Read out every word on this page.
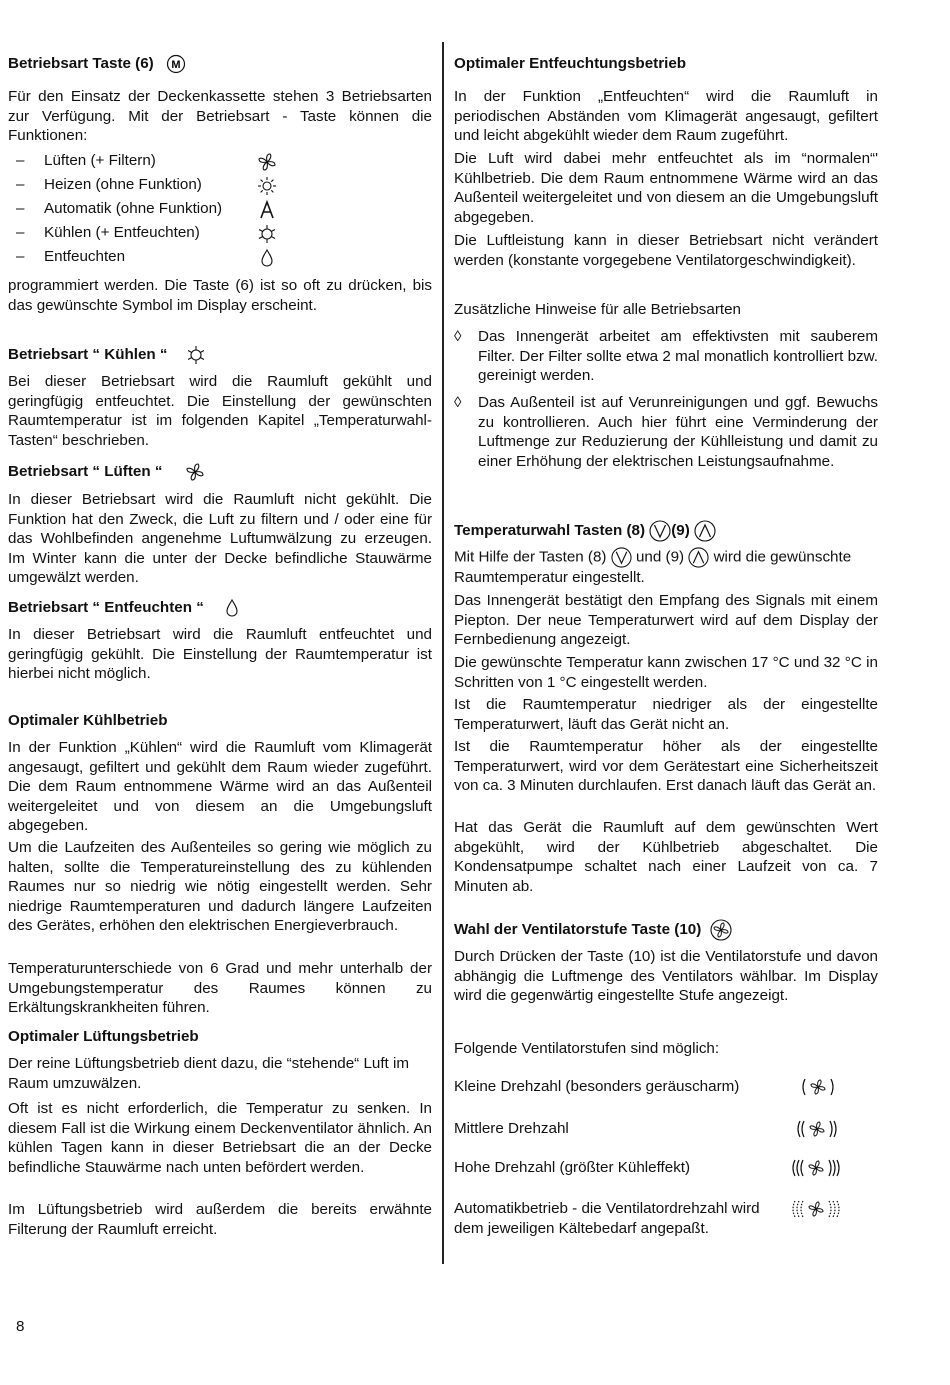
Betriebsart Taste (6) M

Für den Einsatz der Deckenkassette stehen 3 Betriebsarten zur Verfügung. Mit der Betriebsart - Taste können die Funktionen:

– Lüften (+ Filtern)
– Heizen (ohne Funktion)
– Automatik (ohne Funktion)
– Kühlen (+ Entfeuchten)
– Entfeuchten

programmiert werden. Die Taste (6) ist so oft zu drücken, bis das gewünschte Symbol im Display erscheint.

Betriebsart “ Kühlen “

Bei dieser Betriebsart wird die Raumluft gekühlt und geringfügig entfeuchtet. Die Einstellung der gewünschten Raumtemperatur ist im folgenden Kapitel „Temperaturwahl-Tasten“ beschrieben.

Betriebsart “ Lüften “

In dieser Betriebsart wird die Raumluft nicht gekühlt. Die Funktion hat den Zweck, die Luft zu filtern und / oder eine für das Wohlbefinden angenehme Luftumwälzung zu erzeugen. Im Winter kann die unter der Decke befindliche Stauwärme umgewälzt werden.

Betriebsart “ Entfeuchten “

In dieser Betriebsart wird die Raumluft entfeuchtet und geringfügig gekühlt. Die Einstellung der Raumtemperatur ist hierbei nicht möglich.

Optimaler Kühlbetrieb

In der Funktion „Kühlen“ wird die Raumluft vom Klimagerät angesaugt, gefiltert und gekühlt dem Raum wieder zugeführt. Die dem Raum entnommene Wärme wird an das Außenteil weitergeleitet und von diesem an die Umgebungsluft abgegeben.

Um die Laufzeiten des Außenteiles so gering wie möglich zu halten, sollte die Temperatureinstellung des zu kühlenden Raumes nur so niedrig wie nötig eingestellt werden. Sehr niedrige Raumtemperaturen und dadurch längere Laufzeiten des Gerätes, erhöhen den elektrischen Energieverbrauch.

Temperaturunterschiede von 6 Grad und mehr unterhalb der Umgebungstemperatur des Raumes können zu Erkältungskrankheiten führen.

Optimaler Lüftungsbetrieb

Der reine Lüftungsbetrieb dient dazu, die “stehende“ Luft im Raum umzuwälzen.

Oft ist es nicht erforderlich, die Temperatur zu senken. In diesem Fall ist die Wirkung einem Deckenventilator ähnlich. An kühlen Tagen kann in dieser Betriebsart die an der Decke befindliche Stauwärme nach unten befördert werden.

Im Lüftungsbetrieb wird außerdem die bereits erwähnte Filterung der Raumluft erreicht.

Optimaler Entfeuchtungsbetrieb

In der Funktion „Entfeuchten“ wird die Raumluft in periodischen Abständen vom Klimagerät angesaugt, gefiltert und leicht abgekühlt wieder dem Raum zugeführt.

Die Luft wird dabei mehr entfeuchtet als im “normalen“' Kühlbetrieb. Die dem Raum entnommene Wärme wird an das Außenteil weitergeleitet und von diesem an die Umgebungsluft abgegeben.

Die Luftleistung kann in dieser Betriebsart nicht verändert werden (konstante vorgegebene Ventilatorgeschwindigkeit).

Zusätzliche Hinweise für alle Betriebsarten

◊ Das Innengerät arbeitet am effektivsten mit sauberem Filter. Der Filter sollte etwa 2 mal monatlich kontrolliert bzw. gereinigt werden.

◊ Das Außenteil ist auf Verunreinigungen und ggf. Bewuchs zu kontrollieren. Auch hier führt eine Verminderung der Luftmenge zur Reduzierung der Kühlleistung und damit zu einer Erhöhung der elektrischen Leistungsaufnahme.

Temperaturwahl Tasten (8) (9)

Mit Hilfe der Tasten (8) und (9) wird die gewünschte Raumtemperatur eingestellt.

Das Innengerät bestätigt den Empfang des Signals mit einem Piepton. Der neue Temperaturwert wird auf dem Display der Fernbedienung angezeigt.

Die gewünschte Temperatur kann zwischen 17 °C und 32 °C in Schritten von 1 °C eingestellt werden.

Ist die Raumtemperatur niedriger als der eingestellte Temperaturwert, läuft das Gerät nicht an.

Ist die Raumtemperatur höher als der eingestellte Temperaturwert, wird vor dem Gerätestart eine Sicherheitszeit von ca. 3 Minuten durchlaufen. Erst danach läuft das Gerät an.

Hat das Gerät die Raumluft auf dem gewünschten Wert abgekühlt, wird der Kühlbetrieb abgeschaltet. Die Kondensatpumpe schaltet nach einer Laufzeit von ca. 7 Minuten ab.

Wahl der Ventilatorstufe Taste (10)

Durch Drücken der Taste (10) ist die Ventilatorstufe und davon abhängig die Luftmenge des Ventilators wählbar. Im Display wird die gegenwärtig eingestellte Stufe angezeigt.

Folgende Ventilatorstufen sind möglich:

Kleine Drehzahl (besonders geräuscharm)
Mittlere Drehzahl
Hohe Drehzahl (größter Kühleffekt)
Automatikbetrieb - die Ventilatordrehzahl wird dem jeweiligen Kältebedarf angepaßt.
8
